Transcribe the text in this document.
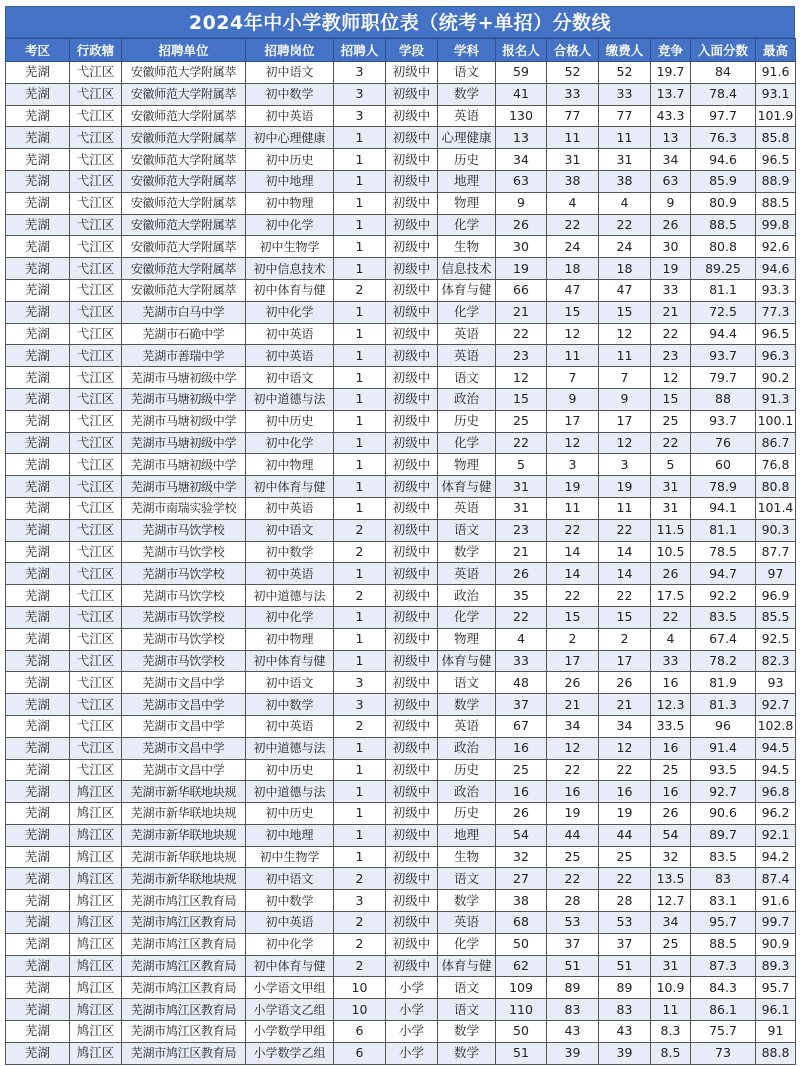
2024年中小学教师职位表（统考+单招）分数线
考区	行政辖	招聘单位	招聘岗位	招聘人	学段	学科	报名人	合格人	缴费人	竞争	入面分数	最高
芜湖	弋江区	安徽师范大学附属萃	初中语文	3	初级中	语文	59	52	52	19.7	84	91.6
芜湖	弋江区	安徽师范大学附属萃	初中数学	3	初级中	数学	41	33	33	13.7	78.4	93.1
芜湖	弋江区	安徽师范大学附属萃	初中英语	3	初级中	英语	130	77	77	43.3	97.7	101.9
芜湖	弋江区	安徽师范大学附属萃	初中心理健康	1	初级中	心理健康	13	11	11	13	76.3	85.8
芜湖	弋江区	安徽师范大学附属萃	初中历史	1	初级中	历史	34	31	31	34	94.6	96.5
芜湖	弋江区	安徽师范大学附属萃	初中地理	1	初级中	地理	63	38	38	63	85.9	88.9
芜湖	弋江区	安徽师范大学附属萃	初中物理	1	初级中	物理	9	4	4	9	80.9	88.5
芜湖	弋江区	安徽师范大学附属萃	初中化学	1	初级中	化学	26	22	22	26	88.5	99.8
芜湖	弋江区	安徽师范大学附属萃	初中生物学	1	初级中	生物	30	24	24	30	80.8	92.6
芜湖	弋江区	安徽师范大学附属萃	初中信息技术	1	初级中	信息技术	19	18	18	19	89.25	94.6
芜湖	弋江区	安徽师范大学附属萃	初中体育与健	2	初级中	体育与健	66	47	47	33	81.1	93.3
芜湖	弋江区	芜湖市白马中学	初中化学	1	初级中	化学	21	15	15	21	72.5	77.3
芜湖	弋江区	芜湖市石硊中学	初中英语	1	初级中	英语	22	12	12	22	94.4	96.5
芜湖	弋江区	芜湖市善瑞中学	初中英语	1	初级中	英语	23	11	11	23	93.7	96.3
芜湖	弋江区	芜湖市马塘初级中学	初中语文	1	初级中	语文	12	7	7	12	79.7	90.2
芜湖	弋江区	芜湖市马塘初级中学	初中道德与法	1	初级中	政治	15	9	9	15	88	91.3
芜湖	弋江区	芜湖市马塘初级中学	初中历史	1	初级中	历史	25	17	17	25	93.7	100.1
芜湖	弋江区	芜湖市马塘初级中学	初中化学	1	初级中	化学	22	12	12	22	76	86.7
芜湖	弋江区	芜湖市马塘初级中学	初中物理	1	初级中	物理	5	3	3	5	60	76.8
芜湖	弋江区	芜湖市马塘初级中学	初中体育与健	1	初级中	体育与健	31	19	19	31	78.9	80.8
芜湖	弋江区	芜湖市南瑞实验学校	初中英语	1	初级中	英语	31	11	11	31	94.1	101.4
芜湖	弋江区	芜湖市马饮学校	初中语文	2	初级中	语文	23	22	22	11.5	81.1	90.3
芜湖	弋江区	芜湖市马饮学校	初中数学	2	初级中	数学	21	14	14	10.5	78.5	87.7
芜湖	弋江区	芜湖市马饮学校	初中英语	1	初级中	英语	26	14	14	26	94.7	97
芜湖	弋江区	芜湖市马饮学校	初中道德与法	2	初级中	政治	35	22	22	17.5	92.2	96.9
芜湖	弋江区	芜湖市马饮学校	初中化学	1	初级中	化学	22	15	15	22	83.5	85.5
芜湖	弋江区	芜湖市马饮学校	初中物理	1	初级中	物理	4	2	2	4	67.4	92.5
芜湖	弋江区	芜湖市马饮学校	初中体育与健	1	初级中	体育与健	33	17	17	33	78.2	82.3
芜湖	弋江区	芜湖市文昌中学	初中语文	3	初级中	语文	48	26	26	16	81.9	93
芜湖	弋江区	芜湖市文昌中学	初中数学	3	初级中	数学	37	21	21	12.3	81.3	92.7
芜湖	弋江区	芜湖市文昌中学	初中英语	2	初级中	英语	67	34	34	33.5	96	102.8
芜湖	弋江区	芜湖市文昌中学	初中道德与法	1	初级中	政治	16	12	12	16	91.4	94.5
芜湖	弋江区	芜湖市文昌中学	初中历史	1	初级中	历史	25	22	22	25	93.5	94.5
芜湖	鸠江区	芜湖市新华联地块规	初中道德与法	1	初级中	政治	16	16	16	16	92.7	96.8
芜湖	鸠江区	芜湖市新华联地块规	初中历史	1	初级中	历史	26	19	19	26	90.6	96.2
芜湖	鸠江区	芜湖市新华联地块规	初中地理	1	初级中	地理	54	44	44	54	89.7	92.1
芜湖	鸠江区	芜湖市新华联地块规	初中生物学	1	初级中	生物	32	25	25	32	83.5	94.2
芜湖	鸠江区	芜湖市新华联地块规	初中语文	2	初级中	语文	27	22	22	13.5	83	87.4
芜湖	鸠江区	芜湖市鸠江区教育局	初中数学	3	初级中	数学	38	28	28	12.7	83.1	91.6
芜湖	鸠江区	芜湖市鸠江区教育局	初中英语	2	初级中	英语	68	53	53	34	95.7	99.7
芜湖	鸠江区	芜湖市鸠江区教育局	初中化学	2	初级中	化学	50	37	37	25	88.5	90.9
芜湖	鸠江区	芜湖市鸠江区教育局	初中体育与健	2	初级中	体育与健	62	51	51	31	87.3	89.3
芜湖	鸠江区	芜湖市鸠江区教育局	小学语文甲组	10	小学	语文	109	89	89	10.9	84.3	95.7
芜湖	鸠江区	芜湖市鸠江区教育局	小学语文乙组	10	小学	语文	110	83	83	11	86.1	96.1
芜湖	鸠江区	芜湖市鸠江区教育局	小学数学甲组	6	小学	数学	50	43	43	8.3	75.7	91
芜湖	鸠江区	芜湖市鸠江区教育局	小学数学乙组	6	小学	数学	51	39	39	8.5	73	88.8
